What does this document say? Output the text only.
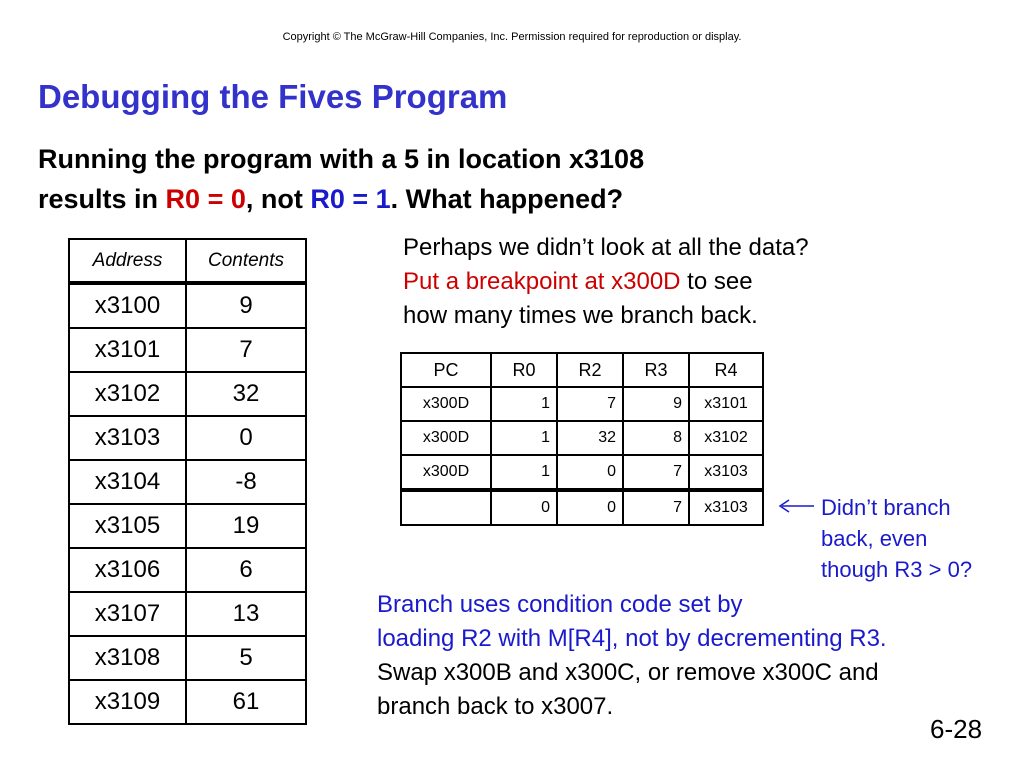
Copyright © The McGraw-Hill Companies, Inc. Permission required for reproduction or display.
Debugging the Fives Program
Running the program with a 5 in location x3108
results in R0 = 0, not R0 = 1. What happened?
Address	Contents
x3100	9
x3101	7
x3102	32
x3103	0
x3104	-8
x3105	19
x3106	6
x3107	13
x3108	5
x3109	61
Perhaps we didn’t look at all the data?
Put a breakpoint at x300D to see
how many times we branch back.
PC	R0	R2	R3	R4
x300D	1	7	9	x3101
x300D	1	32	8	x3102
x300D	1	0	7	x3103
	0	0	7	x3103	Didn’t branch
back, even
though R3 > 0?
Branch uses condition code set by
loading R2 with M[R4], not by decrementing R3.
Swap x300B and x300C, or remove x300C and
branch back to x3007.
6-28
